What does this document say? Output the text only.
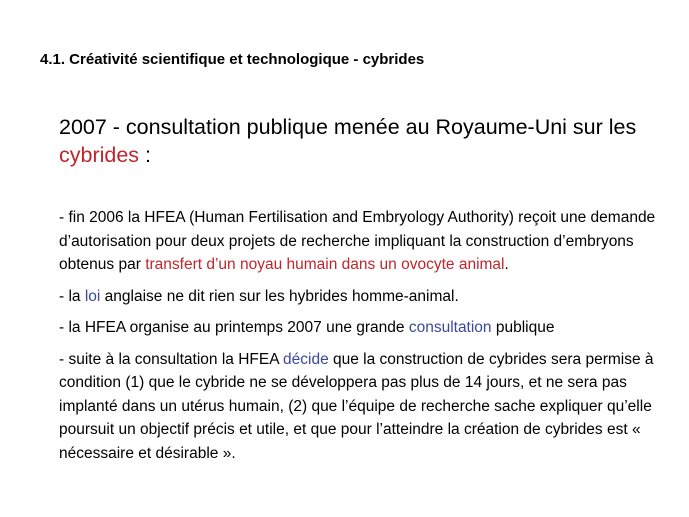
4.1. Créativité scientifique et technologique - cybrides
2007 - consultation publique menée au Royaume-Uni sur les cybrides :

- fin 2006 la HFEA (Human Fertilisation and Embryology Authority) reçoit une demande d’autorisation pour deux projets de recherche impliquant la construction d’embryons obtenus par transfert d’un noyau humain dans un ovocyte animal.

- la loi anglaise ne dit rien sur les hybrides homme-animal.

- la HFEA organise au printemps 2007 une grande consultation publique

- suite à la consultation la HFEA décide que la construction de cybrides sera permise à condition (1) que le cybride ne se développera pas plus de 14 jours, et ne sera pas implanté dans un utérus humain, (2) que l’équipe de recherche sache expliquer qu’elle poursuit un objectif précis et utile, et que pour l’atteindre la création de cybrides est « nécessaire et désirable ».
